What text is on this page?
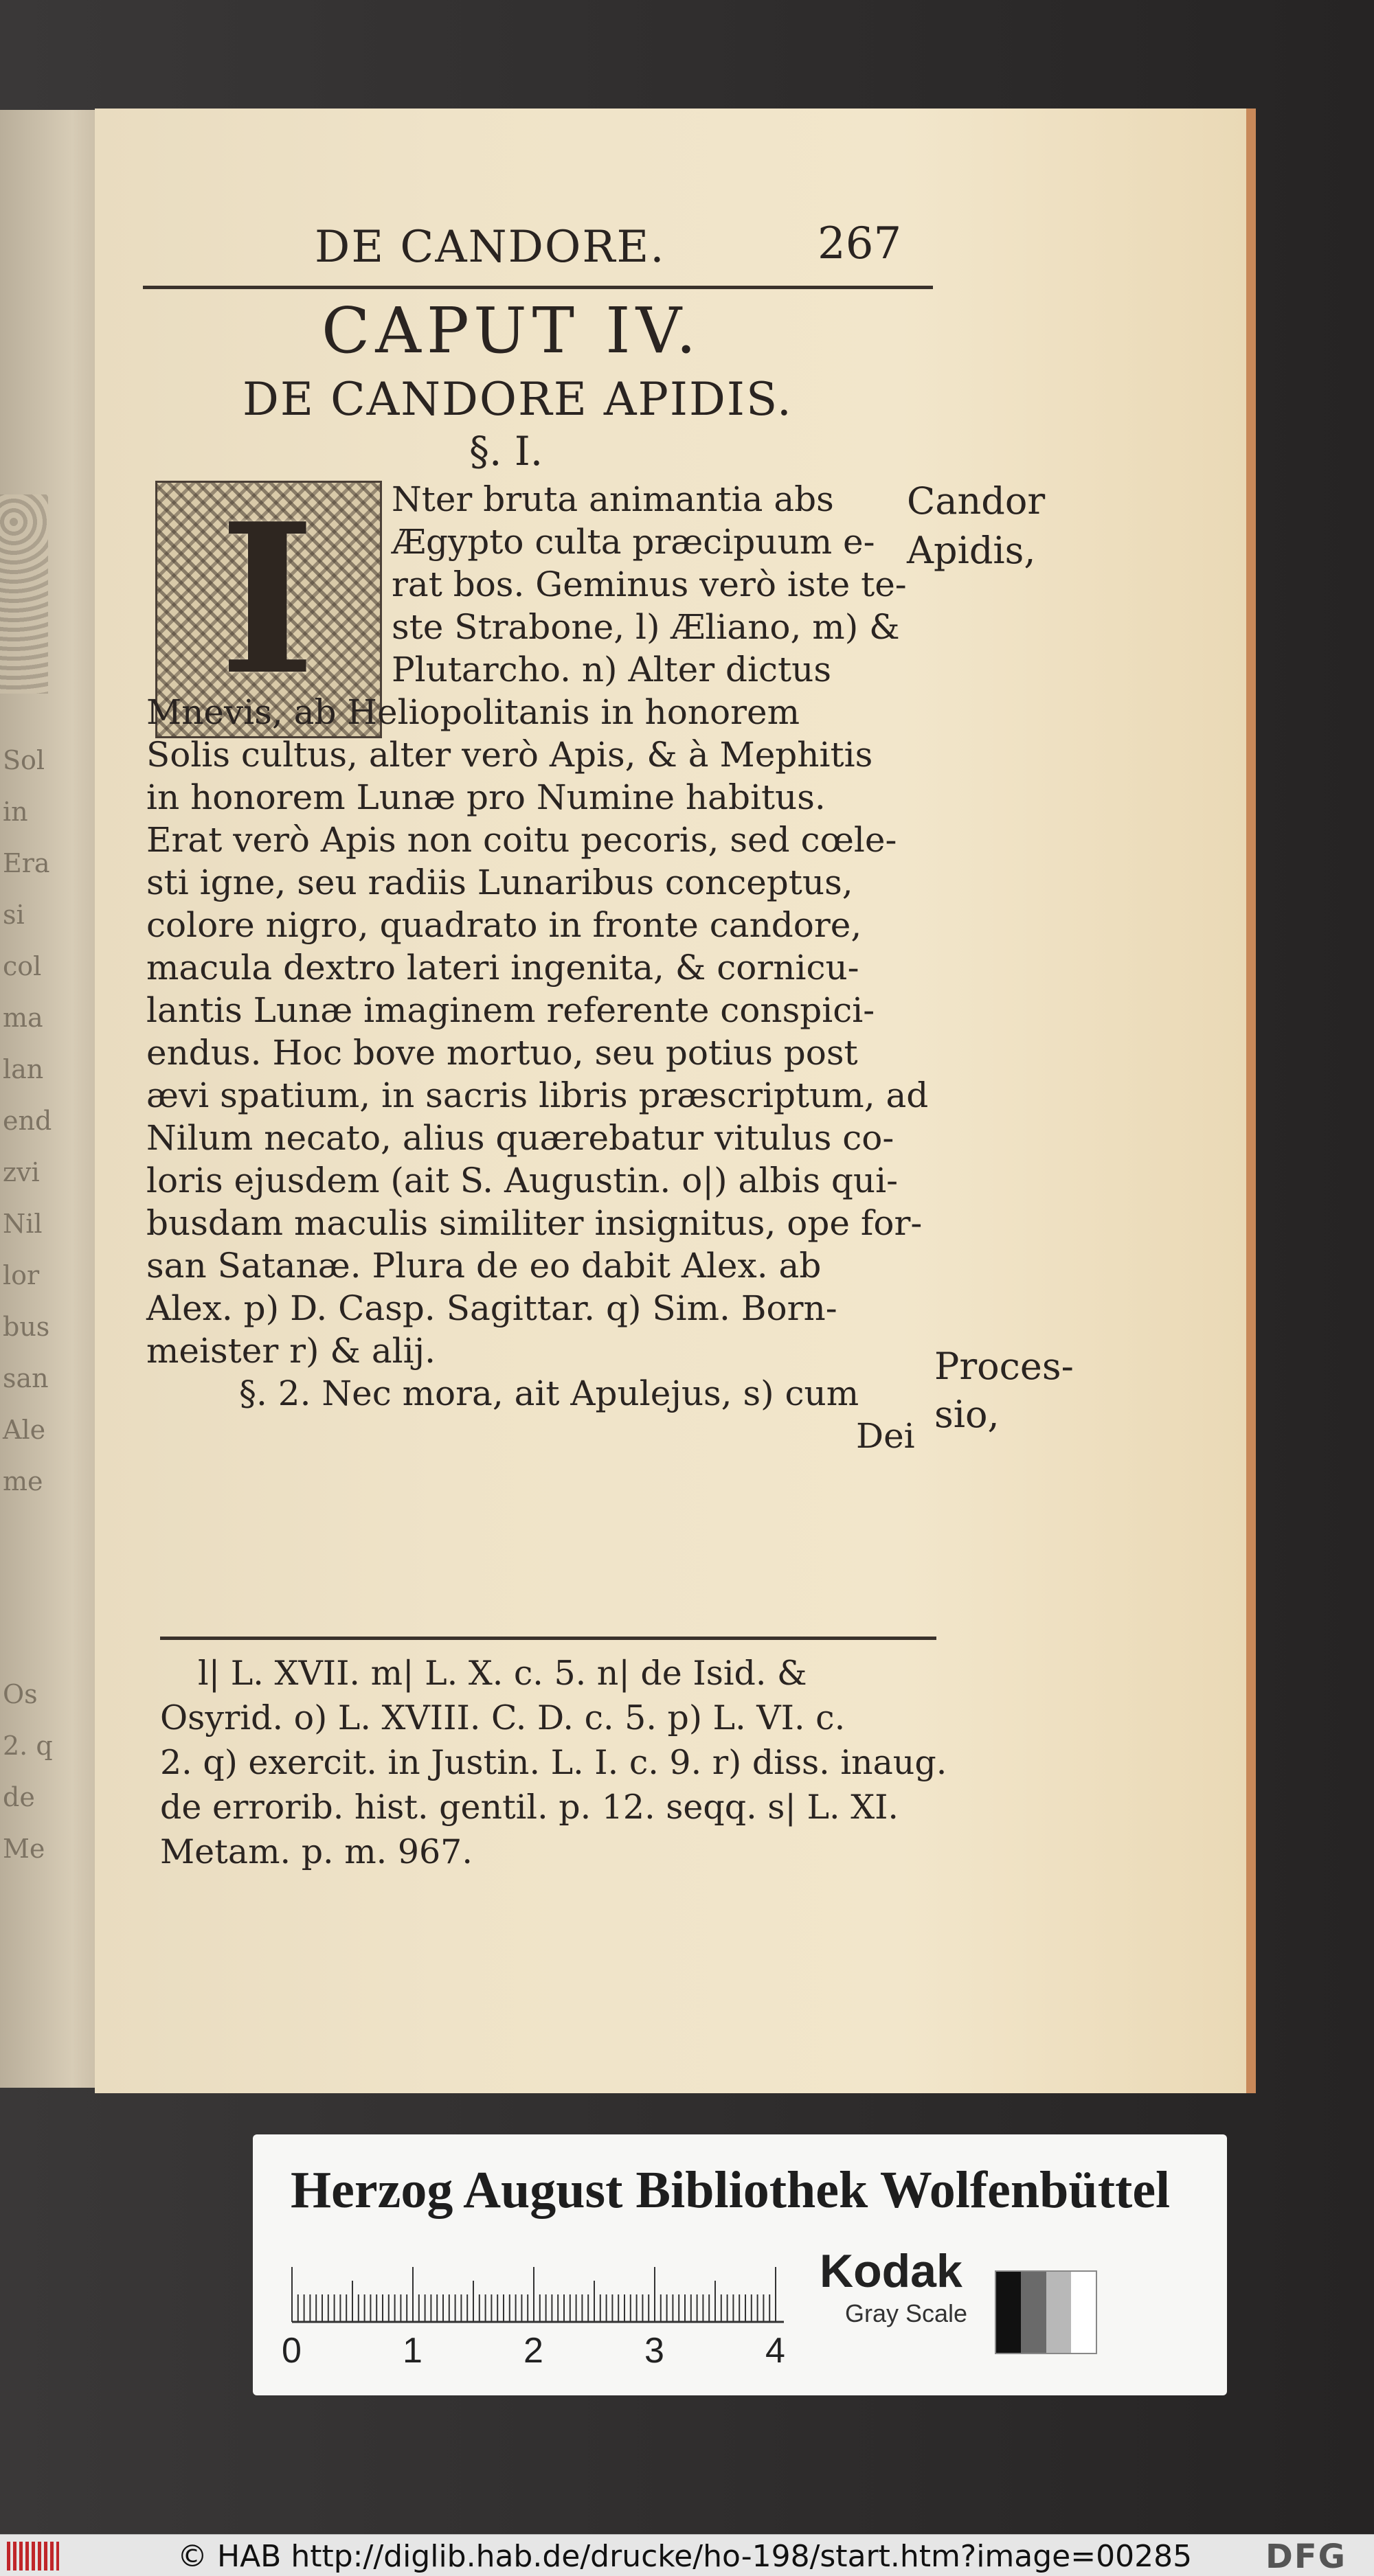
Sol
in
Era
si
col
ma
lan
end
zvi
Nil
lor
bus
san
Ale
me
Os
2. q
de
Me
DE CANDORE.	267
CAPUT IV.
DE CANDORE APIDIS.
§. I.
I Nter bruta animantia abs
Ægypto culta præcipuum e-
rat bos. Geminus verò iste te-
ste Strabone, l) Æliano, m) &
Plutarcho. n) Alter dictus
Mnevis, ab Heliopolitanis in honorem
Solis cultus, alter verò Apis, & à Mephitis
in honorem Lunæ pro Numine habitus.
Erat verò Apis non coitu pecoris, sed cœle-
sti igne, seu radiis Lunaribus conceptus,
colore nigro, quadrato in fronte candore,
macula dextro lateri ingenita, & cornicu-
lantis Lunæ imaginem referente conspici-
endus. Hoc bove mortuo, seu potius post
ævi spatium, in sacris libris præscriptum, ad
Nilum necato, alius quærebatur vitulus co-
loris ejusdem (ait S. Augustin. o|) albis qui-
busdam maculis similiter insignitus, ope for-
san Satanæ. Plura de eo dabit Alex. ab
Alex. p) D. Casp. Sagittar. q) Sim. Born-
meister r) & alij.
§. 2. Nec mora, ait Apulejus, s) cum
Dei
Candor
Apidis,
Proces-
sio,
l| L. XVII. m| L. X. c. 5. n| de Isid. &
Osyrid. o) L. XVIII. C. D. c. 5. p) L. VI. c.
2. q) exercit. in Justin. L. I. c. 9. r) diss. inaug.
de errorib. hist. gentil. p. 12. seqq. s| L. XI.
Metam. p. m. 967.
Herzog August Bibliothek Wolfenbüttel
0	1	2	3	4
Kodak
Gray Scale
© HAB http://diglib.hab.de/drucke/ho-198/start.htm?image=00285 DFG
